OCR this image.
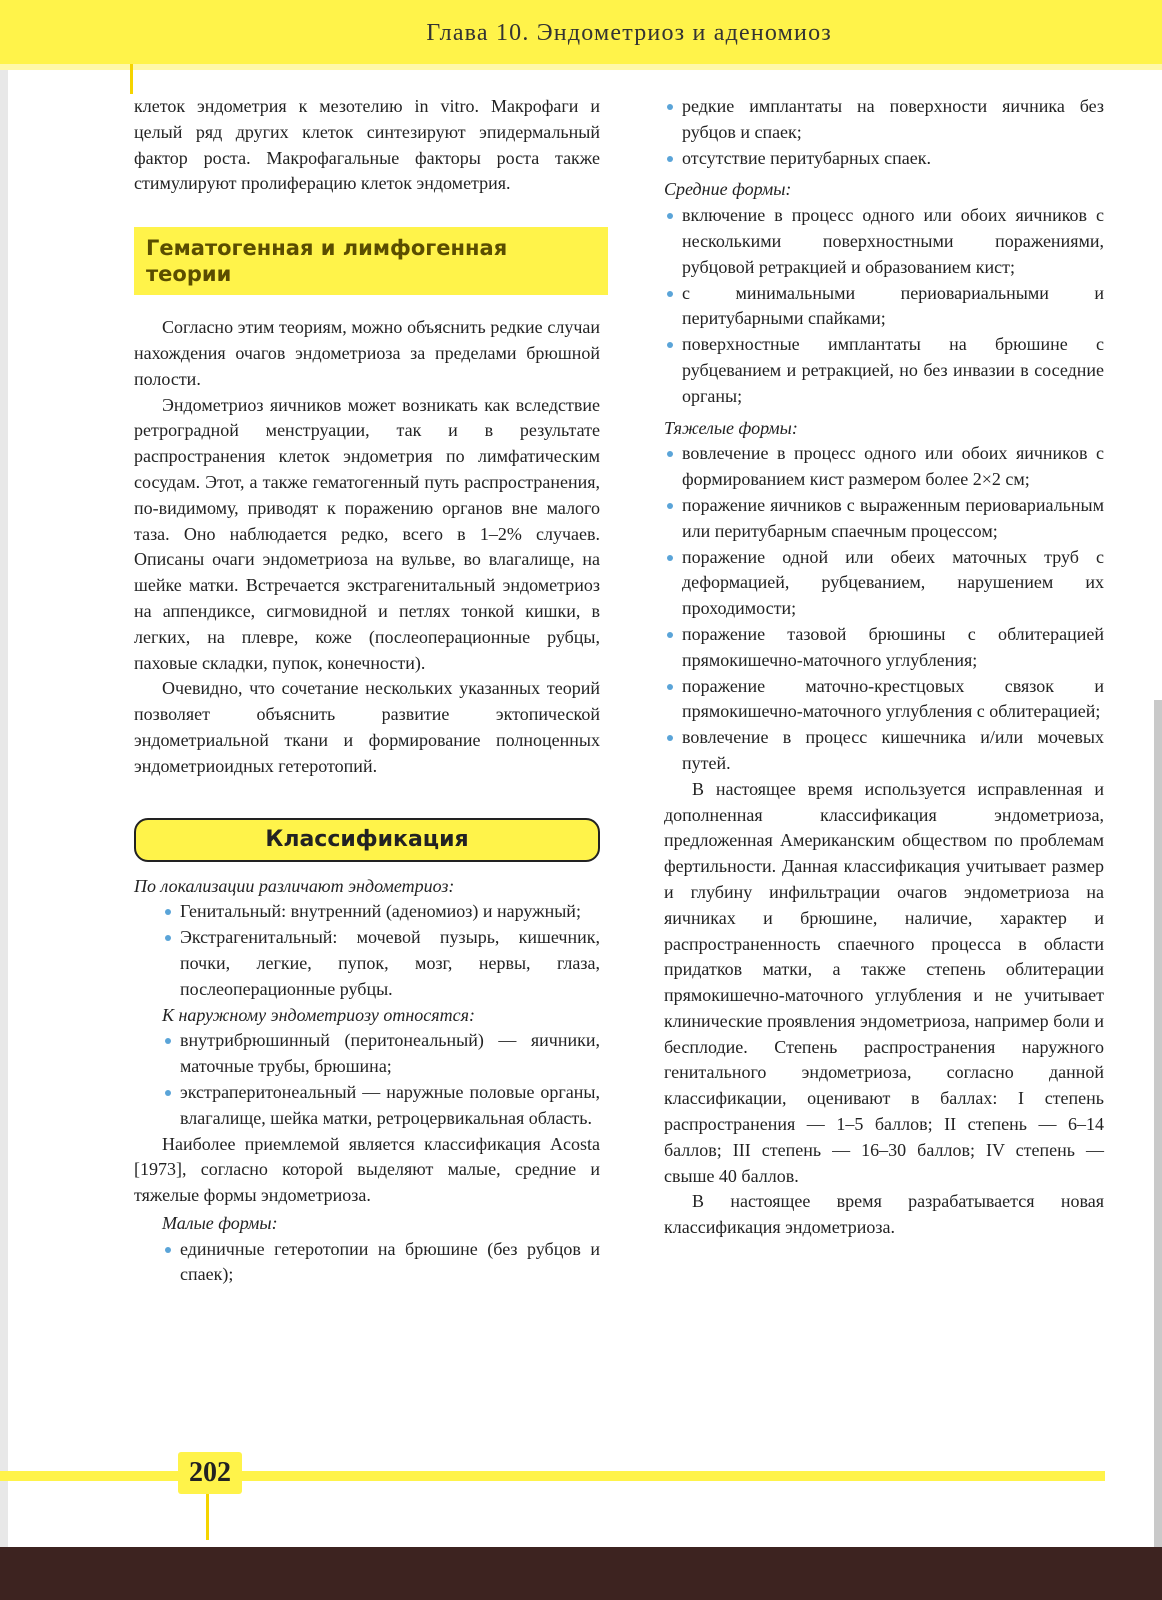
Глава 10. Эндометриоз и аденомиоз

клеток эндометрия к мезотелию in vitro. Макрофаги и целый ряд других клеток синтезируют эпидермальный фактор роста. Макрофагальные факторы роста также стимулируют пролиферацию клеток эндометрия.

Гематогенная и лимфогенная теории

Согласно этим теориям, можно объяснить редкие случаи нахождения очагов эндометриоза за пределами брюшной полости.

Эндометриоз яичников может возникать как вследствие ретроградной менструации, так и в результате распространения клеток эндометрия по лимфатическим сосудам. Этот, а также гематогенный путь распространения, по-видимому, приводят к поражению органов вне малого таза. Оно наблюдается редко, всего в 1–2% случаев. Описаны очаги эндометриоза на вульве, во влагалище, на шейке матки. Встречается экстрагенитальный эндометриоз на аппендиксе, сигмовидной и петлях тонкой кишки, в легких, на плевре, коже (послеоперационные рубцы, паховые складки, пупок, конечности).

Очевидно, что сочетание нескольких указанных теорий позволяет объяснить развитие эктопической эндометриальной ткани и формирование полноценных эндометриоидных гетеротопий.

Классификация
По локализации различают эндометриоз:
Генитальный: внутренний (аденомиоз) и наружный;
Экстрагенитальный: мочевой пузырь, кишечник, почки, легкие, пупок, мозг, нервы, глаза, послеоперационные рубцы.
К наружному эндометриозу относятся:
внутрибрюшинный (перитонеальный) — яичники, маточные трубы, брюшина;
экстраперитонеальный — наружные половые органы, влагалище, шейка матки, ретроцервикальная область.

Наиболее приемлемой является классификация Acosta [1973], согласно которой выделяют малые, средние и тяжелые формы эндометриоза.

Малые формы:
единичные гетеротопии на брюшине (без рубцов и спаек);
редкие имплантаты на поверхности яичника без рубцов и спаек;
отсутствие перитубарных спаек.
Средние формы:
включение в процесс одного или обоих яичников с несколькими поверхностными поражениями, рубцовой ретракцией и образованием кист;
с минимальными периовариальными и перитубарными спайками;
поверхностные имплантаты на брюшине с рубцеванием и ретракцией, но без инвазии в соседние органы;
Тяжелые формы:
вовлечение в процесс одного или обоих яичников с формированием кист размером более 2×2 см;
поражение яичников с выраженным периовариальным или перитубарным спаечным процессом;
поражение одной или обеих маточных труб с деформацией, рубцеванием, нарушением их проходимости;
поражение тазовой брюшины с облитерацией прямокишечно-маточного углубления;
поражение маточно-крестцовых связок и прямокишечно-маточного углубления с облитерацией;
вовлечение в процесс кишечника и/или мочевых путей.

В настоящее время используется исправленная и дополненная классификация эндометриоза, предложенная Американским обществом по проблемам фертильности. Данная классификация учитывает размер и глубину инфильтрации очагов эндометриоза на яичниках и брюшине, наличие, характер и распространенность спаечного процесса в области придатков матки, а также степень облитерации прямокишечно-маточного углубления и не учитывает клинические проявления эндометриоза, например боли и бесплодие. Степень распространения наружного генитального эндометриоза, согласно данной классификации, оценивают в баллах: I степень распространения — 1–5 баллов; II степень — 6–14 баллов; III степень — 16–30 баллов; IV степень — свыше 40 баллов.

В настоящее время разрабатывается новая классификация эндометриоза.

202
